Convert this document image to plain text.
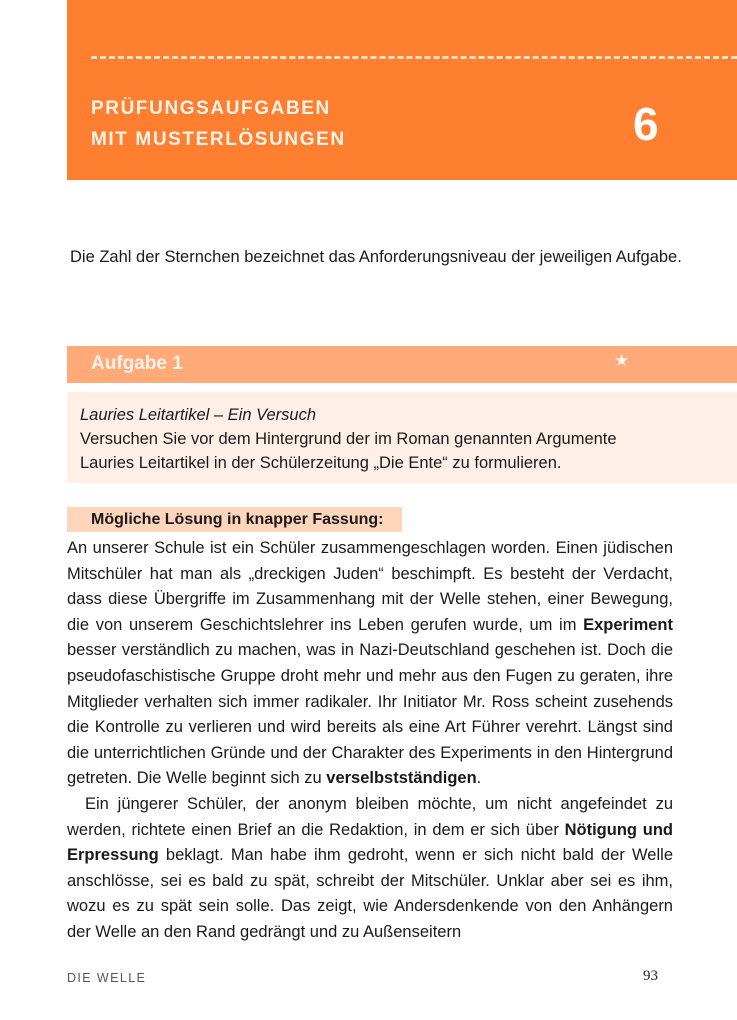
PRÜFUNGSAUFGABEN
MIT MUSTERLÖSUNGEN	6
Die Zahl der Sternchen bezeichnet das Anforderungsniveau der jeweiligen Aufgabe.
Aufgabe 1	★
Lauries Leitartikel – Ein Versuch
Versuchen Sie vor dem Hintergrund der im Roman genannten Argumente
Lauries Leitartikel in der Schülerzeitung „Die Ente“ zu formulieren.
Mögliche Lösung in knapper Fassung:

An unserer Schule ist ein Schüler zusammengeschlagen worden. Einen jüdischen Mitschüler hat man als „dreckigen Juden“ beschimpft. Es besteht der Verdacht, dass diese Übergriffe im Zusammenhang mit der Welle stehen, einer Bewegung, die von unserem Geschichtslehrer ins Leben gerufen wurde, um im Experiment besser verständlich zu machen, was in Nazi-Deutschland geschehen ist. Doch die pseudofaschistische Gruppe droht mehr und mehr aus den Fugen zu geraten, ihre Mitglieder verhalten sich immer radikaler. Ihr Initiator Mr. Ross scheint zusehends die Kontrolle zu verlieren und wird bereits als eine Art Führer verehrt. Längst sind die unterrichtlichen Gründe und der Charakter des Experiments in den Hintergrund getreten. Die Welle beginnt sich zu verselbstständigen.

Ein jüngerer Schüler, der anonym bleiben möchte, um nicht angefeindet zu werden, richtete einen Brief an die Redaktion, in dem er sich über Nötigung und Erpressung beklagt. Man habe ihm gedroht, wenn er sich nicht bald der Welle anschlösse, sei es bald zu spät, schreibt der Mitschüler. Unklar aber sei es ihm, wozu es zu spät sein solle. Das zeigt, wie Andersdenkende von den Anhängern der Welle an den Rand gedrängt und zu Außenseitern

DIE WELLE	93
